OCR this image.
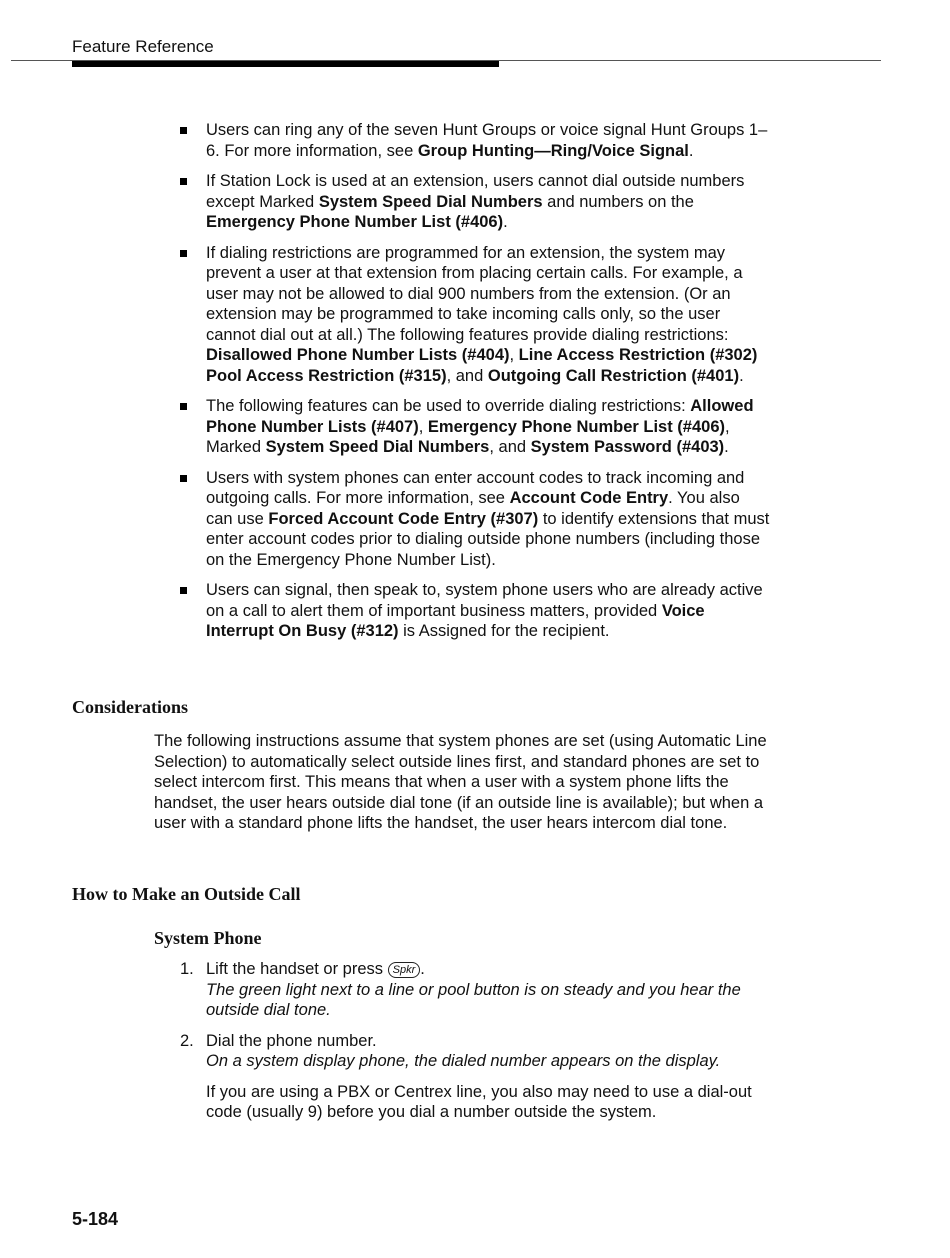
Feature Reference
Users can ring any of the seven Hunt Groups or voice signal Hunt Groups 1–6. For more information, see Group Hunting—Ring/Voice Signal.
If Station Lock is used at an extension, users cannot dial outside numbers except Marked System Speed Dial Numbers and numbers on the Emergency Phone Number List (#406).
If dialing restrictions are programmed for an extension, the system may prevent a user at that extension from placing certain calls. For example, a user may not be allowed to dial 900 numbers from the extension. (Or an extension may be programmed to take incoming calls only, so the user cannot dial out at all.) The following features provide dialing restrictions: Disallowed Phone Number Lists (#404), Line Access Restriction (#302) Pool Access Restriction (#315), and Outgoing Call Restriction (#401).
The following features can be used to override dialing restrictions: Allowed Phone Number Lists (#407), Emergency Phone Number List (#406), Marked System Speed Dial Numbers, and System Password (#403).
Users with system phones can enter account codes to track incoming and outgoing calls. For more information, see Account Code Entry. You also can use Forced Account Code Entry (#307) to identify extensions that must enter account codes prior to dialing outside phone numbers (including those on the Emergency Phone Number List).
Users can signal, then speak to, system phone users who are already active on a call to alert them of important business matters, provided Voice Interrupt On Busy (#312) is Assigned for the recipient.
Considerations

The following instructions assume that system phones are set (using Automatic Line Selection) to automatically select outside lines first, and standard phones are set to select intercom first. This means that when a user with a system phone lifts the handset, the user hears outside dial tone (if an outside line is available); but when a user with a standard phone lifts the handset, the user hears intercom dial tone.

How to Make an Outside Call
System Phone
1. Lift the handset or press Spkr .
The green light next to a line or pool button is on steady and you hear the outside dial tone.
2. Dial the phone number.
On a system display phone, the dialed number appears on the display.
If you are using a PBX or Centrex line, you also may need to use a dial-out code (usually 9) before you dial a number outside the system.
5-184
